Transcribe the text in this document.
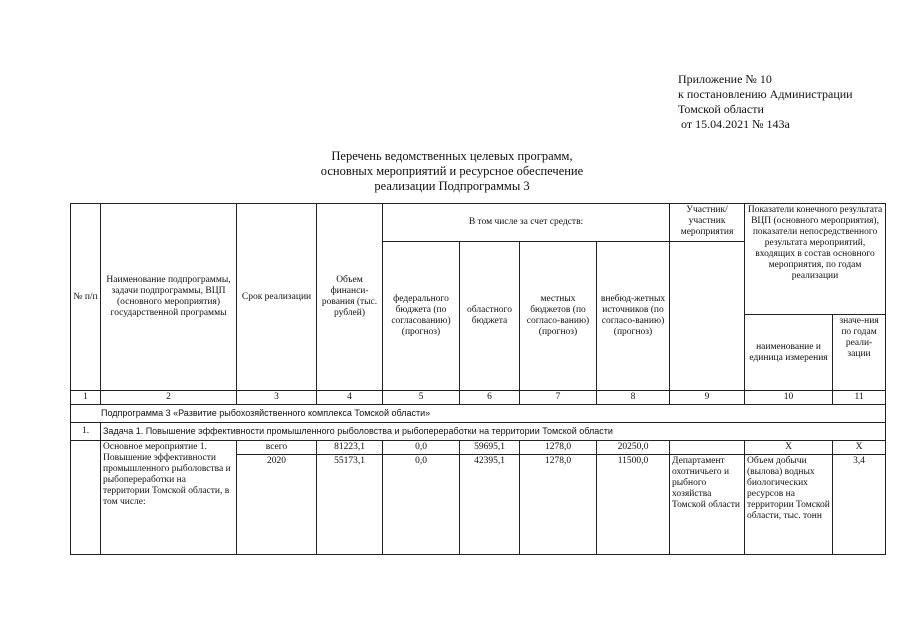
Приложение № 10
к постановлению Администрации
Томской области
от 15.04.2021 № 143а
Перечень ведомственных целевых программ,
основных мероприятий и ресурсное обеспечение
реализации Подпрограммы 3
№ п/п	Наименование подпрограммы, задачи подпрограммы, ВЦП (основного мероприятия) государственной программы	Срок реализации	Объем финанси-рования (тыс. рублей)	В том числе за счет средств:				Участник/ участник мероприятия	Показатели конечного результата ВЦП (основного мероприятия), показатели непосредственного результата мероприятий, входящих в состав основного мероприятия, по годам реализации	
				федерального бюджета (по согласованию) (прогноз)	областного бюджета	местных бюджетов (по согласо-ванию) (прогноз)	внебюд-жетных источников (по согласо-ванию) (прогноз)			
									наименование и единица измерения	значе-ния по годам реали-зации
1	2	3	4	5	6	7	8	9	10	11
Подпрограмма 3 «Развитие рыбохозяйственного комплекса Томской области»										
1.	Задача 1. Повышение эффективности промышленного рыболовства и рыбопереработки на территории Томской области									
	Основное мероприятие 1. Повышение эффективности промышленного рыболовства и рыбопереработки на территории Томской области, в том числе:	всего	81223,1	0,0	59695,1	1278,0	20250,0		Х	Х
		2020	55173,1	0,0	42395,1	1278,0	11500,0	Департамент охотничьего и рыбного хозяйства Томской области	Объем добычи (вылова) водных биологических ресурсов на территории Томской области, тыс. тонн	3,4
